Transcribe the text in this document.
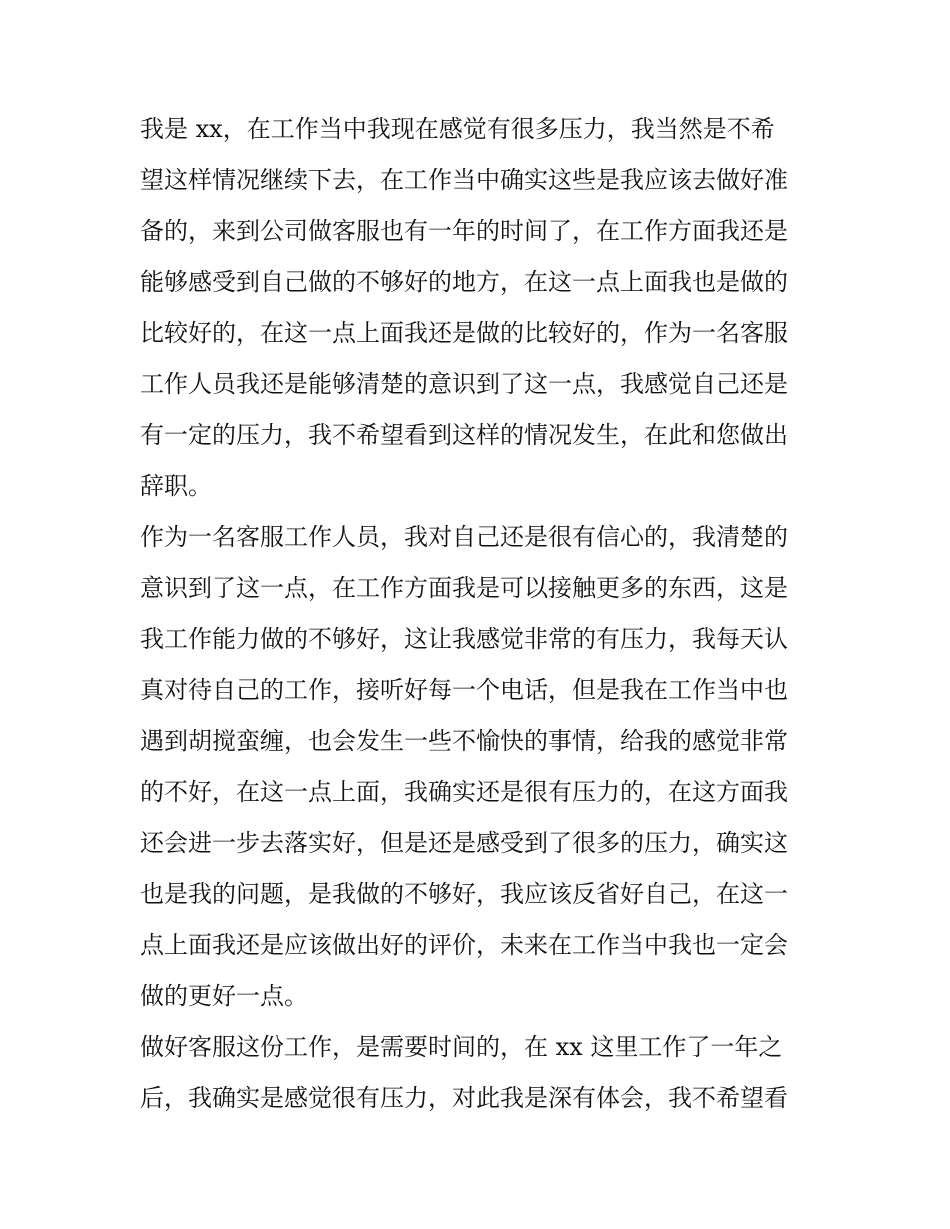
我是 xx，在工作当中我现在感觉有很多压力，我当然是不希
望这样情况继续下去，在工作当中确实这些是我应该去做好准
备的，来到公司做客服也有一年的时间了，在工作方面我还是
能够感受到自己做的不够好的地方，在这一点上面我也是做的
比较好的，在这一点上面我还是做的比较好的，作为一名客服
工作人员我还是能够清楚的意识到了这一点，我感觉自己还是
有一定的压力，我不希望看到这样的情况发生，在此和您做出
辞职。
作为一名客服工作人员，我对自己还是很有信心的，我清楚的
意识到了这一点，在工作方面我是可以接触更多的东西，这是
我工作能力做的不够好，这让我感觉非常的有压力，我每天认
真对待自己的工作，接听好每一个电话，但是我在工作当中也
遇到胡搅蛮缠，也会发生一些不愉快的事情，给我的感觉非常
的不好，在这一点上面，我确实还是很有压力的，在这方面我
还会进一步去落实好，但是还是感受到了很多的压力，确实这
也是我的问题，是我做的不够好，我应该反省好自己，在这一
点上面我还是应该做出好的评价，未来在工作当中我也一定会
做的更好一点。
做好客服这份工作，是需要时间的，在 xx 这里工作了一年之
后，我确实是感觉很有压力，对此我是深有体会，我不希望看
